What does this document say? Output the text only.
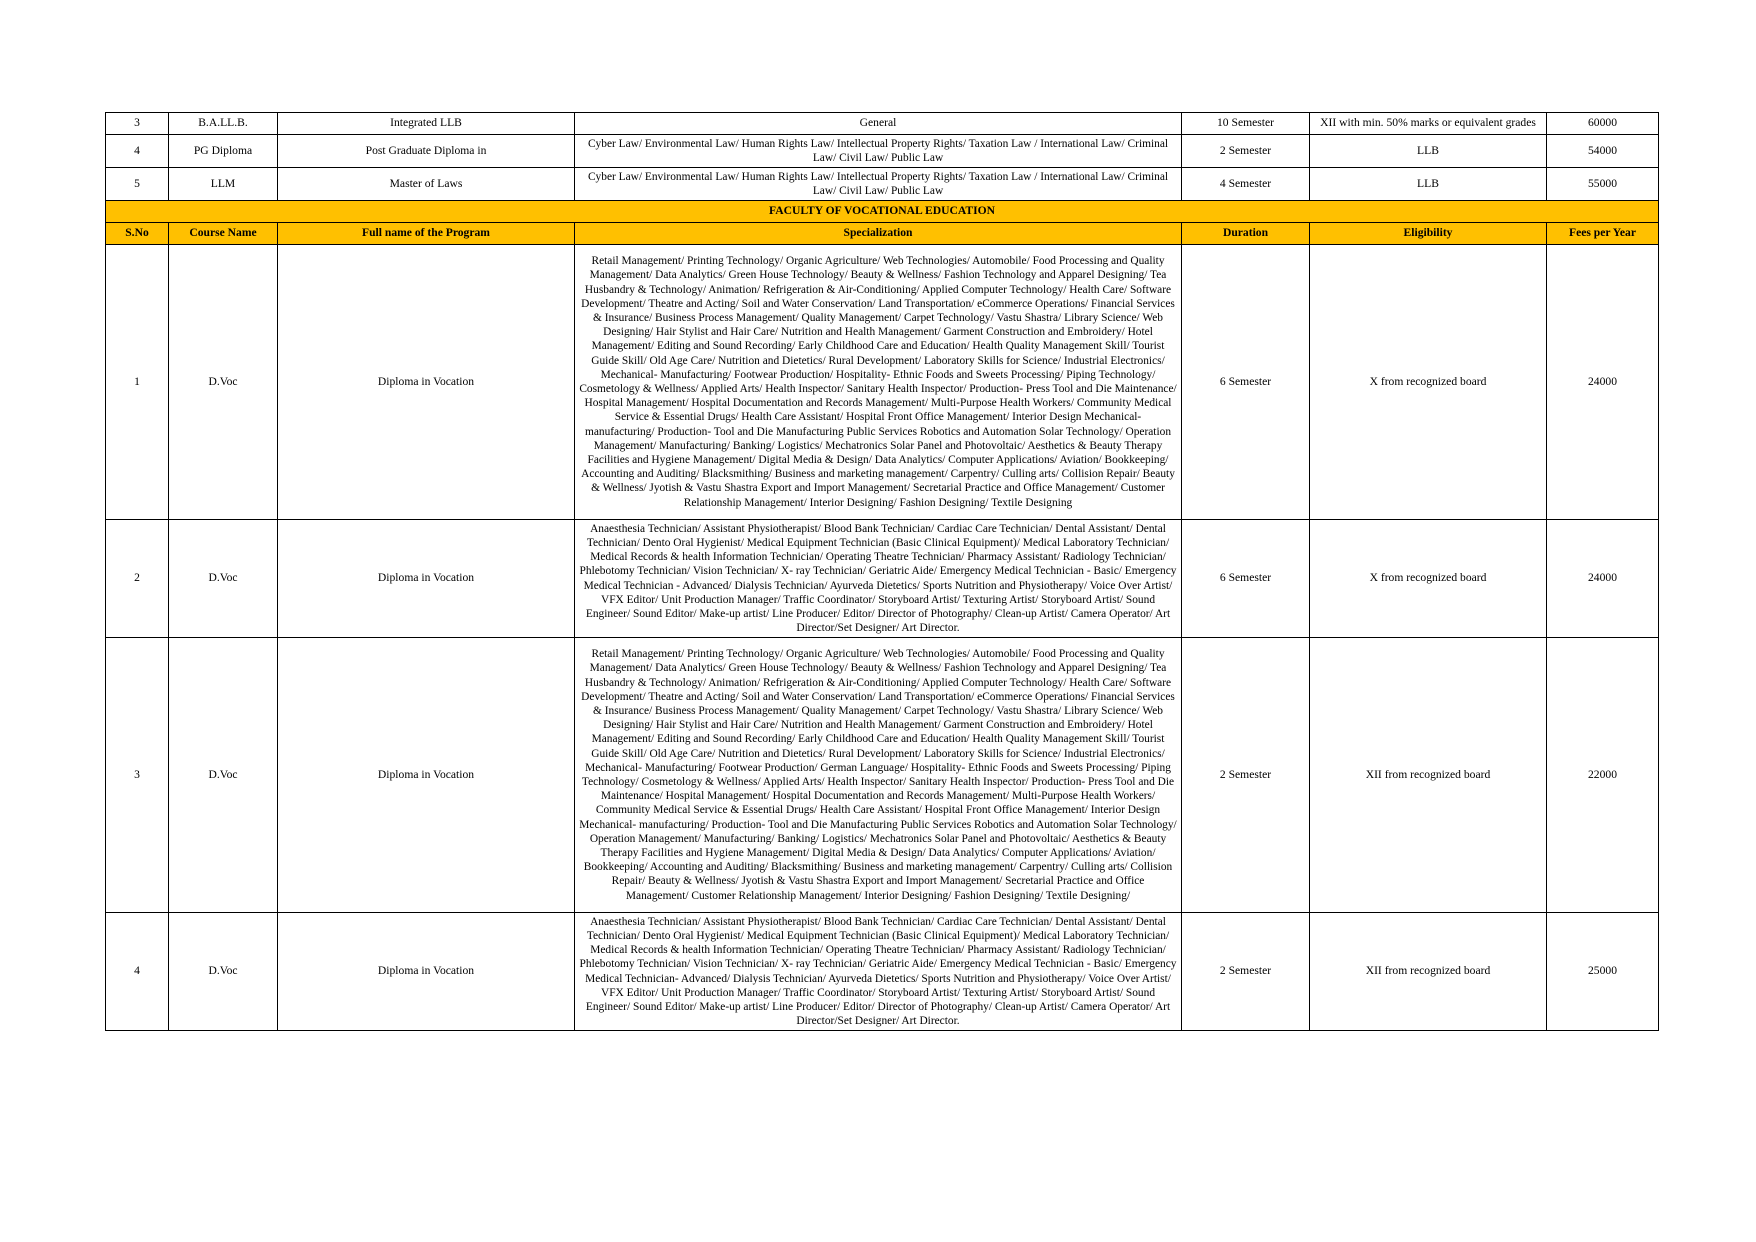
3	B.A.LL.B.	Integrated LLB	General	10 Semester	XII with min. 50% marks or equivalent grades	60000
4	PG Diploma	Post Graduate Diploma in	Cyber Law/ Environmental Law/ Human Rights Law/ Intellectual Property Rights/ Taxation Law / International Law/ Criminal Law/ Civil Law/ Public Law	2 Semester	LLB	54000
5	LLM	Master of Laws	Cyber Law/ Environmental Law/ Human Rights Law/ Intellectual Property Rights/ Taxation Law / International Law/ Criminal Law/ Civil Law/ Public Law	4 Semester	LLB	55000
FACULTY OF VOCATIONAL EDUCATION						
S.No	Course Name	Full name of the Program	Specialization	Duration	Eligibility	Fees per Year
1	D.Voc	Diploma in Vocation	Retail Management/ Printing Technology/ Organic Agriculture/ Web Technologies/ Automobile/ Food Processing and Quality Management/ Data Analytics/ Green House Technology/ Beauty & Wellness/ Fashion Technology and Apparel Designing/ Tea Husbandry & Technology/ Animation/ Refrigeration & Air-Conditioning/ Applied Computer Technology/ Health Care/ Software Development/ Theatre and Acting/ Soil and Water Conservation/ Land Transportation/ eCommerce Operations/ Financial Services & Insurance/ Business Process Management/ Quality Management/ Carpet Technology/ Vastu Shastra/ Library Science/ Web Designing/ Hair Stylist and Hair Care/ Nutrition and Health Management/ Garment Construction and Embroidery/ Hotel Management/ Editing and Sound Recording/ Early Childhood Care and Education/ Health Quality Management Skill/ Tourist Guide Skill/ Old Age Care/ Nutrition and Dietetics/ Rural Development/ Laboratory Skills for Science/ Industrial Electronics/ Mechanical- Manufacturing/ Footwear Production/ Hospitality- Ethnic Foods and Sweets Processing/ Piping Technology/ Cosmetology & Wellness/ Applied Arts/ Health Inspector/ Sanitary Health Inspector/ Production- Press Tool and Die Maintenance/ Hospital Management/ Hospital Documentation and Records Management/ Multi-Purpose Health Workers/ Community Medical Service & Essential Drugs/ Health Care Assistant/ Hospital Front Office Management/ Interior Design Mechanical- manufacturing/ Production- Tool and Die Manufacturing Public Services Robotics and Automation Solar Technology/ Operation Management/ Manufacturing/ Banking/ Logistics/ Mechatronics Solar Panel and Photovoltaic/ Aesthetics & Beauty Therapy Facilities and Hygiene Management/ Digital Media & Design/ Data Analytics/ Computer Applications/ Aviation/ Bookkeeping/ Accounting and Auditing/ Blacksmithing/ Business and marketing management/ Carpentry/ Culling arts/ Collision Repair/ Beauty & Wellness/ Jyotish & Vastu Shastra Export and Import Management/ Secretarial Practice and Office Management/ Customer Relationship Management/ Interior Designing/ Fashion Designing/ Textile Designing	6 Semester	X from recognized board	24000
2	D.Voc	Diploma in Vocation	Anaesthesia Technician/ Assistant Physiotherapist/ Blood Bank Technician/ Cardiac Care Technician/ Dental Assistant/ Dental Technician/ Dento Oral Hygienist/ Medical Equipment Technician (Basic Clinical Equipment)/ Medical Laboratory Technician/ Medical Records & health Information Technician/ Operating Theatre Technician/ Pharmacy Assistant/ Radiology Technician/ Phlebotomy Technician/ Vision Technician/ X- ray Technician/ Geriatric Aide/ Emergency Medical Technician - Basic/ Emergency Medical Technician - Advanced/ Dialysis Technician/ Ayurveda Dietetics/ Sports Nutrition and Physiotherapy/ Voice Over Artist/ VFX Editor/ Unit Production Manager/ Traffic Coordinator/ Storyboard Artist/ Texturing Artist/ Storyboard Artist/ Sound Engineer/ Sound Editor/ Make-up artist/ Line Producer/ Editor/ Director of Photography/ Clean-up Artist/ Camera Operator/ Art Director/Set Designer/ Art Director.	6 Semester	X from recognized board	24000
3	D.Voc	Diploma in Vocation	Retail Management/ Printing Technology/ Organic Agriculture/ Web Technologies/ Automobile/ Food Processing and Quality Management/ Data Analytics/ Green House Technology/ Beauty & Wellness/ Fashion Technology and Apparel Designing/ Tea Husbandry & Technology/ Animation/ Refrigeration & Air-Conditioning/ Applied Computer Technology/ Health Care/ Software Development/ Theatre and Acting/ Soil and Water Conservation/ Land Transportation/ eCommerce Operations/ Financial Services & Insurance/ Business Process Management/ Quality Management/ Carpet Technology/ Vastu Shastra/ Library Science/ Web Designing/ Hair Stylist and Hair Care/ Nutrition and Health Management/ Garment Construction and Embroidery/ Hotel Management/ Editing and Sound Recording/ Early Childhood Care and Education/ Health Quality Management Skill/ Tourist Guide Skill/ Old Age Care/ Nutrition and Dietetics/ Rural Development/ Laboratory Skills for Science/ Industrial Electronics/ Mechanical- Manufacturing/ Footwear Production/ German Language/ Hospitality- Ethnic Foods and Sweets Processing/ Piping Technology/ Cosmetology & Wellness/ Applied Arts/ Health Inspector/ Sanitary Health Inspector/ Production- Press Tool and Die Maintenance/ Hospital Management/ Hospital Documentation and Records Management/ Multi-Purpose Health Workers/ Community Medical Service & Essential Drugs/ Health Care Assistant/ Hospital Front Office Management/ Interior Design Mechanical- manufacturing/ Production- Tool and Die Manufacturing Public Services Robotics and Automation Solar Technology/ Operation Management/ Manufacturing/ Banking/ Logistics/ Mechatronics Solar Panel and Photovoltaic/ Aesthetics & Beauty Therapy Facilities and Hygiene Management/ Digital Media & Design/ Data Analytics/ Computer Applications/ Aviation/ Bookkeeping/ Accounting and Auditing/ Blacksmithing/ Business and marketing management/ Carpentry/ Culling arts/ Collision Repair/ Beauty & Wellness/ Jyotish & Vastu Shastra Export and Import Management/ Secretarial Practice and Office Management/ Customer Relationship Management/ Interior Designing/ Fashion Designing/ Textile Designing/	2 Semester	XII from recognized board	22000
4	D.Voc	Diploma in Vocation	Anaesthesia Technician/ Assistant Physiotherapist/ Blood Bank Technician/ Cardiac Care Technician/ Dental Assistant/ Dental Technician/ Dento Oral Hygienist/ Medical Equipment Technician (Basic Clinical Equipment)/ Medical Laboratory Technician/ Medical Records & health Information Technician/ Operating Theatre Technician/ Pharmacy Assistant/ Radiology Technician/ Phlebotomy Technician/ Vision Technician/ X- ray Technician/ Geriatric Aide/ Emergency Medical Technician - Basic/ Emergency Medical Technician- Advanced/ Dialysis Technician/ Ayurveda Dietetics/ Sports Nutrition and Physiotherapy/ Voice Over Artist/ VFX Editor/ Unit Production Manager/ Traffic Coordinator/ Storyboard Artist/ Texturing Artist/ Storyboard Artist/ Sound Engineer/ Sound Editor/ Make-up artist/ Line Producer/ Editor/ Director of Photography/ Clean-up Artist/ Camera Operator/ Art Director/Set Designer/ Art Director.	2 Semester	XII from recognized board	25000
